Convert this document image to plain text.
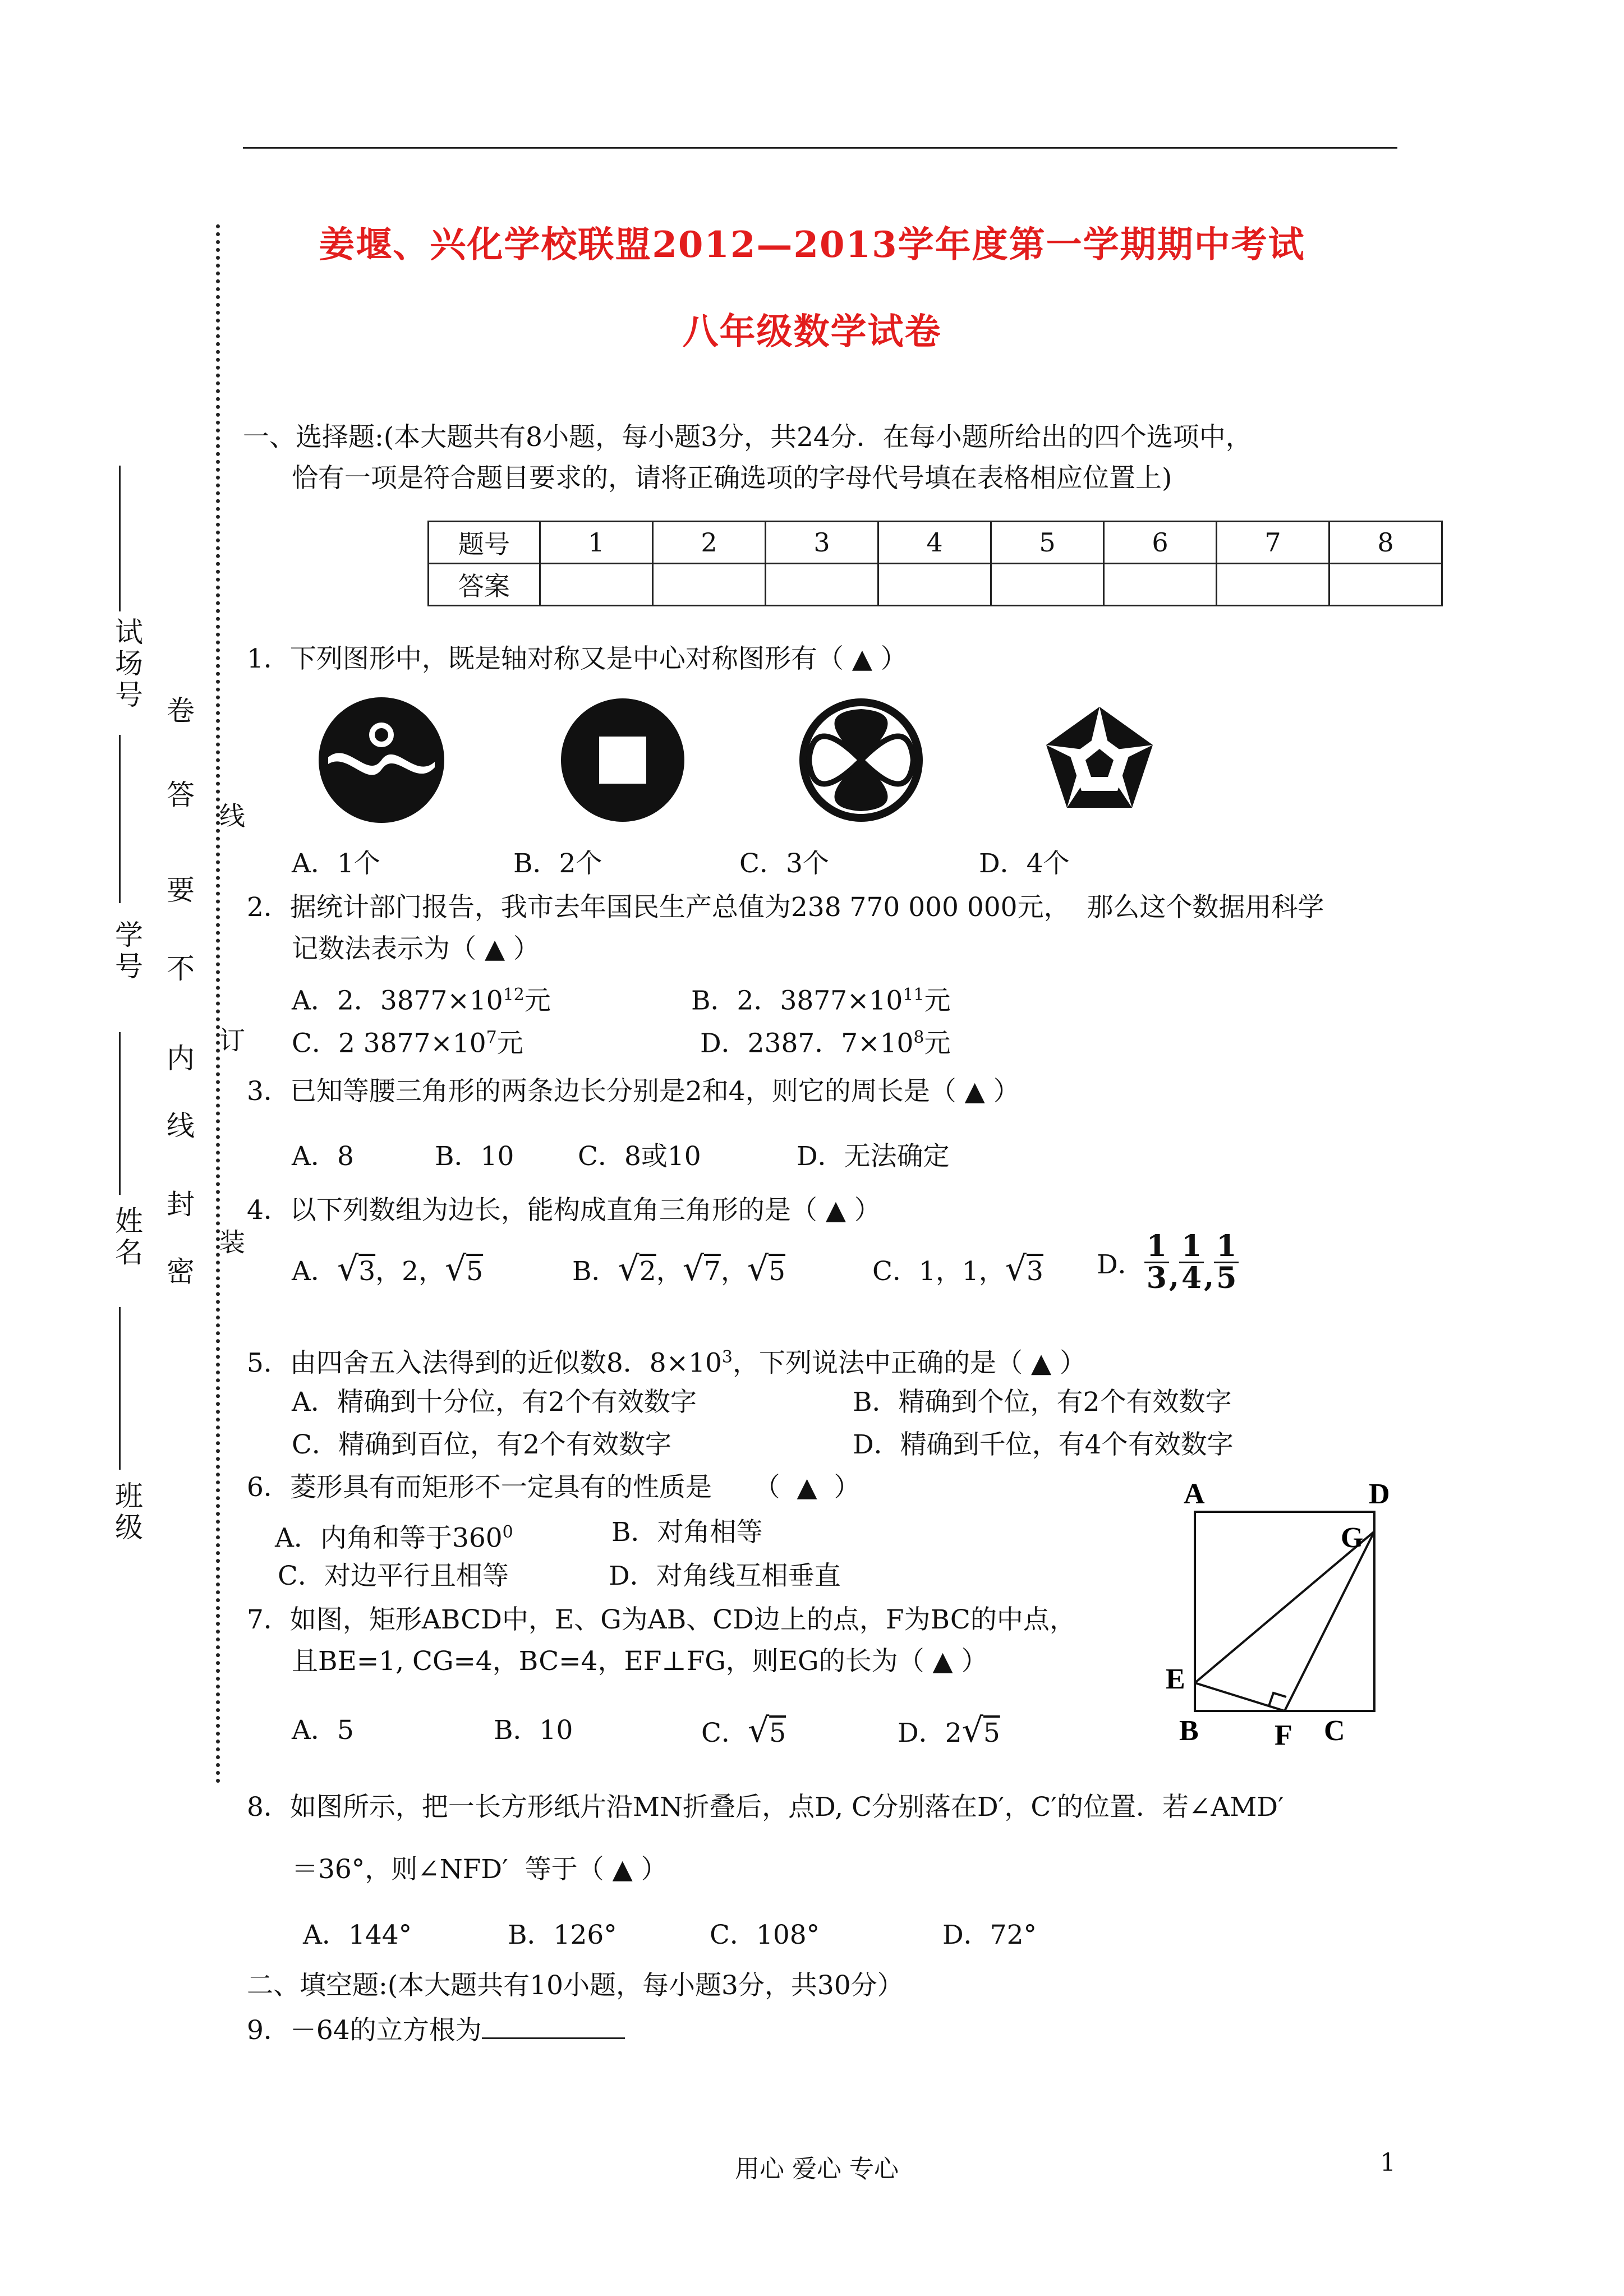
姜堰、兴化学校联盟2012—2013学年度第一学期期中考试
八年级数学试卷
试场号
学号
姓名
班级
密
封
线
内
不
要
答
卷
装
订
线
一、选择题:(本大题共有8小题，每小题3分，共24分．在每小题所给出的四个选项中，
恰有一项是符合题目要求的，请将正确选项的字母代号填在表格相应位置上)
题号	1	2	3	4	5	6	7	8
答案								
1．下列图形中，既是轴对称又是中心对称图形有（ ▲ ）
A．1个	B．2个	C．3个	D．4个
2．据统计部门报告，我市去年国民生产总值为238 770 000 000元，  那么这个数据用科学
记数法表示为（ ▲ ）
A．2．$3877\times 10^{12}$元	B．2．$3877\times 10^{11}$元
C．2 $3877\times 10^7$元	D．2387．$7\times 10^8$元
3．已知等腰三角形的两条边长分别是2和4，则它的周长是（ ▲ ）
A．8	B．10 C．8或10	D．无法确定
4．以下列数组为边长，能构成直角三角形的是（ ▲ ）
A．√3，2，√5	B．√2，√7，√5	C．1，1，√3 D． $\frac{1}{3}$ , $\frac{1}{4}$ , $\frac{1}{5}$
5．由四舍五入法得到的近似数8．$8\times 10^3$，下列说法中正确的是（ ▲ ）
A．精确到十分位，有2个有效数字	B．精确到个位，有2个有效数字
C．精确到百位，有2个有效数字	D．精确到千位，有4个有效数字
6．菱形具有而矩形不一定具有的性质是     （  ▲  ）
A．内角和等于$360^0$	B．对角相等
C．对边平行且相等	D．对角线互相垂直
7．如图，矩形ABCD中，E、G为AB、CD边上的点，F为BC的中点，
且BE=1, CG=4，BC=4，EF⊥FG，则EG的长为（ ▲ ）
A．5	B．10	C．√5	D．2√5
A	D
G
E
B	F C
8．如图所示，把一长方形纸片沿MN折叠后，点D, C分别落在D′，C′的位置．若∠AMD′
＝36°，则∠NFD′  等于（ ▲ ）
A．144°	B．126°	C．108°	D．72°
二、填空题:(本大题共有10小题，每小题3分，共30分）
9．－64的立方根为
用心 爱心 专心	1
